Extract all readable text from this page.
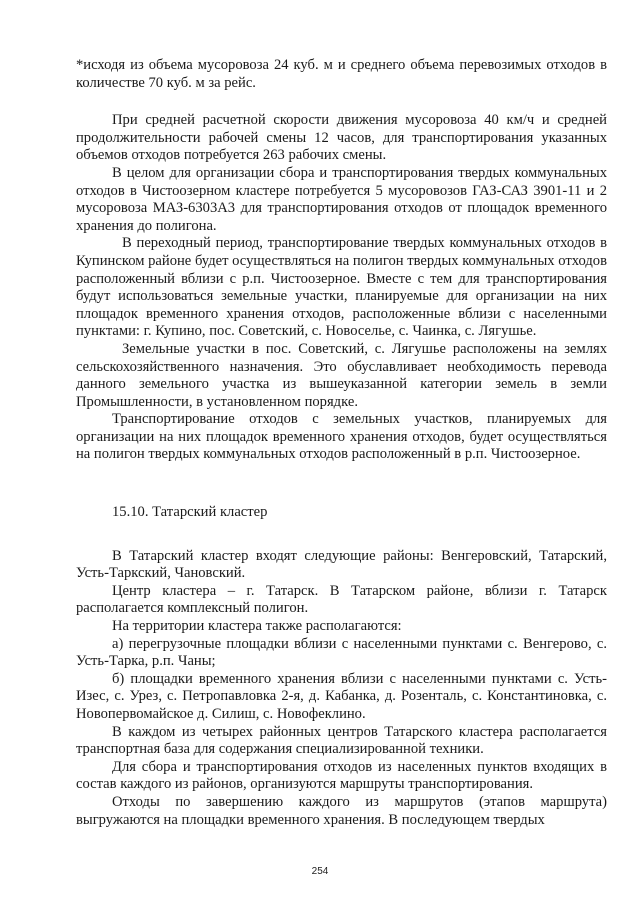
*исходя из объема мусоровоза 24 куб. м и среднего объема перевозимых отходов в количестве 70 куб. м за рейс.

При средней расчетной скорости движения мусоровоза 40 км/ч и средней продолжительности рабочей смены 12 часов, для транспортирования указанных объемов отходов потребуется 263 рабочих смены.

В целом для организации сбора и транспортирования твердых коммунальных отходов в Чистоозерном кластере потребуется 5 мусоровозов ГАЗ-САЗ 3901-11 и 2 мусоровоза МАЗ-6303А3 для транспортирования отходов от площадок временного хранения до полигона.

В переходный период, транспортирование твердых коммунальных отходов в Купинском районе будет осуществляться на полигон твердых коммунальных отходов расположенный вблизи с р.п. Чистоозерное. Вместе с тем для транспортирования будут использоваться земельные участки, планируемые для организации на них площадок временного хранения отходов, расположенные вблизи с населенными пунктами: г. Купино, пос. Советский, с. Новоселье, с. Чаинка, с. Лягушье.

Земельные участки в пос. Советский, с. Лягушье расположены на землях сельскохозяйственного назначения. Это обуславливает необходимость перевода данного земельного участка из вышеуказанной категории земель в земли Промышленности, в установленном порядке.

Транспортирование отходов с земельных участков, планируемых для организации на них площадок временного хранения отходов, будет осуществляться на полигон твердых коммунальных отходов расположенный в р.п. Чистоозерное.

15.10. Татарский кластер

В Татарский кластер входят следующие районы: Венгеровский, Татарский, Усть-Таркский, Чановский.

Центр кластера – г. Татарск. В Татарском районе, вблизи г. Татарск располагается комплексный полигон.

На территории кластера также располагаются:

а) перегрузочные площадки вблизи с населенными пунктами с. Венгерово, с. Усть-Тарка, р.п. Чаны;

б) площадки временного хранения вблизи с населенными пунктами с. Усть-Изес, с. Урез, с. Петропавловка 2-я, д. Кабанка, д. Розенталь, с. Константиновка, с. Новопервомайское д. Силиш, с. Новофеклино.

В каждом из четырех районных центров Татарского кластера располагается транспортная база для содержания специализированной техники.

Для сбора и транспортирования отходов из населенных пунктов входящих в состав каждого из районов, организуются маршруты транспортирования.

Отходы по завершению каждого из маршрутов (этапов маршрута) выгружаются на площадки временного хранения. В последующем твердых

254
